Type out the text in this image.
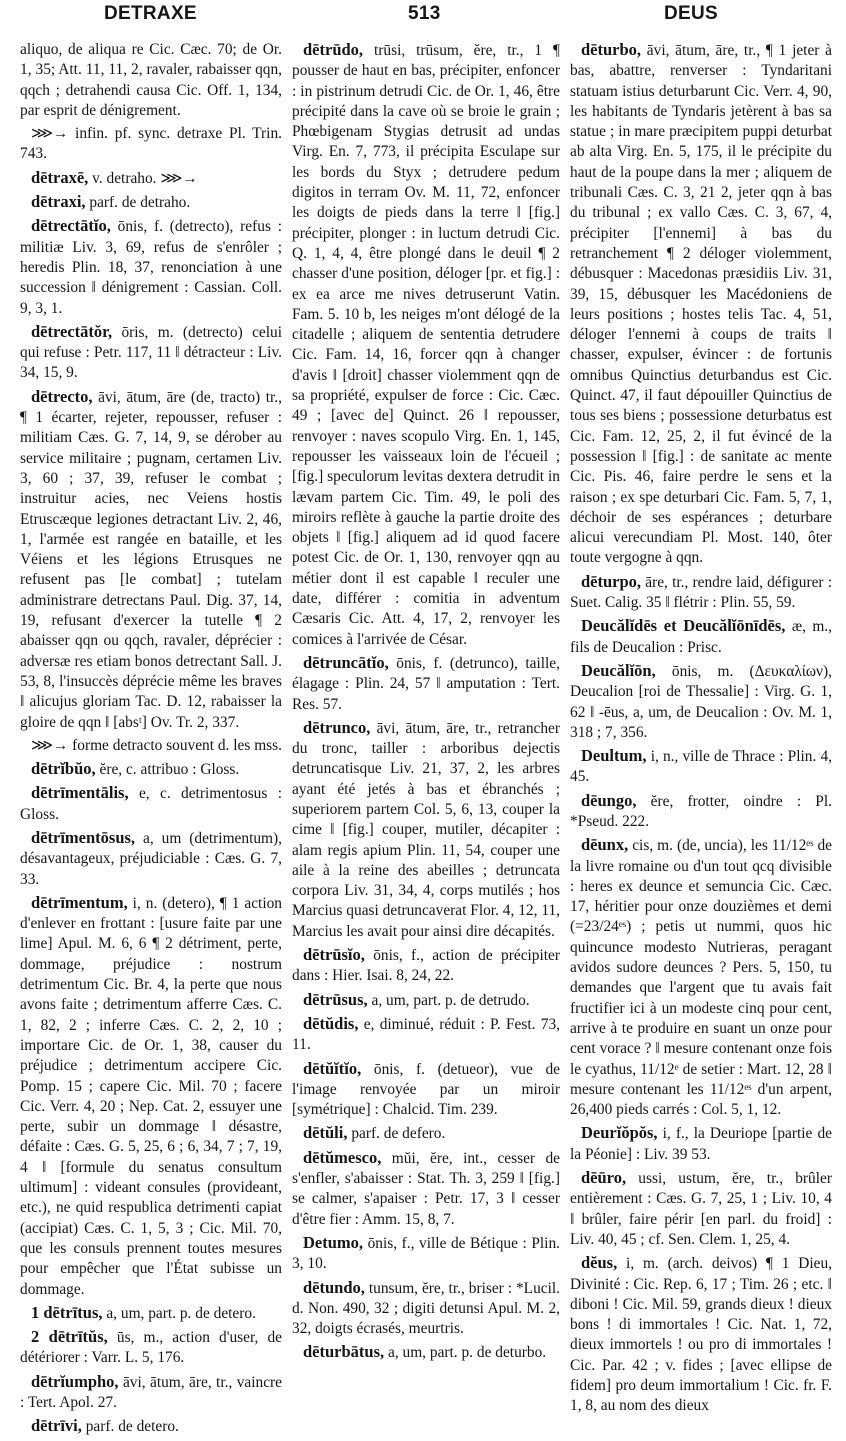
DETRAXE	513	DEUS
aliquo, de aliqua re Cic. Cæc. 70; de Or. 1, 35; Att. 11, 11, 2, ravaler, rabaisser qqn, qqch ; detrahendi causa Cic. Off. 1, 134, par esprit de dénigrement.
⋙→ infin. pf. sync. detraxe Pl. Trin. 743.
dētraxē, v. detraho. ⋙→
dētraxi, parf. de detraho.
dētrectātĭo, ōnis, f. (detrecto), refus : militiæ Liv. 3, 69, refus de s'enrôler ; heredis Plin. 18, 37, renonciation à une succession ‖ dénigrement : Cassian. Coll. 9, 3, 1.
dētrectātŏr, ōris, m. (detrecto) celui qui refuse : Petr. 117, 11 ‖ détracteur : Liv. 34, 15, 9.
dētrecto, āvi, ātum, āre (de, tracto) tr., ¶ 1 écarter, rejeter, repousser, refuser : militiam Cæs. G. 7, 14, 9, se dérober au service militaire ; pugnam, certamen Liv. 3, 60 ; 37, 39, refuser le combat ; instruitur acies, nec Veiens hostis Etruscæque legiones detractant Liv. 2, 46, 1, l'armée est rangée en bataille, et les Véiens et les légions Etrusques ne refusent pas [le combat] ; tutelam administrare detrectans Paul. Dig. 37, 14, 19, refusant d'exercer la tutelle ¶ 2 abaisser qqn ou qqch, ravaler, déprécier : adversæ res etiam bonos detrectant Sall. J. 53, 8, l'insuccès déprécie même les braves ‖ alicujus gloriam Tac. D. 12, rabaisser la gloire de qqn ‖ [absᵗ] Ov. Tr. 2, 337.
⋙→ forme detracto souvent d. les mss.
dētrĭbŭo, ĕre, c. attribuo : Gloss.
dētrīmentālis, e, c. detrimentosus : Gloss.
dētrīmentōsus, a, um (detrimentum), désavantageux, préjudiciable : Cæs. G. 7, 33.
dētrīmentum, i, n. (detero), ¶ 1 action d'enlever en frottant : [usure faite par une lime] Apul. M. 6, 6 ¶ 2 détriment, perte, dommage, préjudice : nostrum detrimentum Cic. Br. 4, la perte que nous avons faite ; detrimentum afferre Cæs. C. 1, 82, 2 ; inferre Cæs. C. 2, 2, 10 ; importare Cic. de Or. 1, 38, causer du préjudice ; detrimentum accipere Cic. Pomp. 15 ; capere Cic. Mil. 70 ; facere Cic. Verr. 4, 20 ; Nep. Cat. 2, essuyer une perte, subir un dommage ‖ désastre, défaite : Cæs. G. 5, 25, 6 ; 6, 34, 7 ; 7, 19, 4 ‖ [formule du senatus consultum ultimum] : videant consules (provideant, etc.), ne quid respublica detrimenti capiat (accipiat) Cæs. C. 1, 5, 3 ; Cic. Mil. 70, que les consuls prennent toutes mesures pour empêcher que l'État subisse un dommage.
1 dētrītus, a, um, part. p. de detero.
2 dētrītŭs, ūs, m., action d'user, de détériorer : Varr. L. 5, 176.
dētrĭumpho, āvi, ātum, āre, tr., vaincre : Tert. Apol. 27.
dētrīvi, parf. de detero.
dētrūdo, trūsi, trūsum, ĕre, tr., 1 ¶ pousser de haut en bas, précipiter, enfoncer : in pistrinum detrudi Cic. de Or. 1, 46, être précipité dans la cave où se broie le grain ; Phœbigenam Stygias detrusit ad undas Virg. En. 7, 773, il précipita Esculape sur les bords du Styx ; detrudere pedum digitos in terram Ov. M. 11, 72, enfoncer les doigts de pieds dans la terre ‖ [fig.] précipiter, plonger : in luctum detrudi Cic. Q. 1, 4, 4, être plongé dans le deuil ¶ 2 chasser d'une position, déloger [pr. et fig.] : ex ea arce me nives detruserunt Vatin. Fam. 5. 10 b, les neiges m'ont délogé de la citadelle ; aliquem de sententia detrudere Cic. Fam. 14, 16, forcer qqn à changer d'avis ‖ [droit] chasser violemment qqn de sa propriété, expulser de force : Cic. Cæc. 49 ; [avec de] Quinct. 26 ‖ repousser, renvoyer : naves scopulo Virg. En. 1, 145, repousser les vaisseaux loin de l'écueil ; [fig.] speculorum levitas dextera detrudit in lævam partem Cic. Tim. 49, le poli des miroirs reflète à gauche la partie droite des objets ‖ [fig.] aliquem ad id quod facere potest Cic. de Or. 1, 130, renvoyer qqn au métier dont il est capable ‖ reculer une date, différer : comitia in adventum Cæsaris Cic. Att. 4, 17, 2, renvoyer les comices à l'arrivée de César.
dētruncātĭo, ōnis, f. (detrunco), taille, élagage : Plin. 24, 57 ‖ amputation : Tert. Res. 57.
dētrunco, āvi, ātum, āre, tr., retrancher du tronc, tailler : arboribus dejectis detruncatisque Liv. 21, 37, 2, les arbres ayant été jetés à bas et ébranchés ; superiorem partem Col. 5, 6, 13, couper la cime ‖ [fig.] couper, mutiler, décapiter : alam regis apium Plin. 11, 54, couper une aile à la reine des abeilles ; detruncata corpora Liv. 31, 34, 4, corps mutilés ; hos Marcius quasi detruncaverat Flor. 4, 12, 11, Marcius les avait pour ainsi dire décapités.
dētrūsĭo, ōnis, f., action de précipiter dans : Hier. Isai. 8, 24, 22.
dētrūsus, a, um, part. p. de detrudo.
dētŭdis, e, diminué, réduit : P. Fest. 73, 11.
dētŭĭtĭo, ōnis, f. (detueor), vue de l'image renvoyée par un miroir [symétrique] : Chalcid. Tim. 239.
dētŭli, parf. de defero.
dētŭmesco, mŭi, ĕre, int., cesser de s'enfler, s'abaisser : Stat. Th. 3, 259 ‖ [fig.] se calmer, s'apaiser : Petr. 17, 3 ‖ cesser d'être fier : Amm. 15, 8, 7.
Detumo, ōnis, f., ville de Bétique : Plin. 3, 10.
dētundo, tunsum, ĕre, tr., briser : *Lucil. d. Non. 490, 32 ; digiti detunsi Apul. M. 2, 32, doigts écrasés, meurtris.
dēturbātus, a, um, part. p. de deturbo.
dēturbo, āvi, ātum, āre, tr., ¶ 1 jeter à bas, abattre, renverser : Tyndaritani statuam istius deturbarunt Cic. Verr. 4, 90, les habitants de Tyndaris jetèrent à bas sa statue ; in mare præcipitem puppi deturbat ab alta Virg. En. 5, 175, il le précipite du haut de la poupe dans la mer ; aliquem de tribunali Cæs. C. 3, 21 2, jeter qqn à bas du tribunal ; ex vallo Cæs. C. 3, 67, 4, précipiter [l'ennemi] à bas du retranchement ¶ 2 déloger violemment, débusquer : Macedonas præsidiis Liv. 31, 39, 15, débusquer les Macédoniens de leurs positions ; hostes telis Tac. 4, 51, déloger l'ennemi à coups de traits ‖ chasser, expulser, évincer : de fortunis omnibus Quinctius deturbandus est Cic. Quinct. 47, il faut dépouiller Quinctius de tous ses biens ; possessione deturbatus est Cic. Fam. 12, 25, 2, il fut évincé de la possession ‖ [fig.] : de sanitate ac mente Cic. Pis. 46, faire perdre le sens et la raison ; ex spe deturbari Cic. Fam. 5, 7, 1, déchoir de ses espérances ; deturbare alicui verecundiam Pl. Most. 140, ôter toute vergogne à qqn.
dēturpo, āre, tr., rendre laid, défigurer : Suet. Calig. 35 ‖ flétrir : Plin. 55, 59.
Deucălĭdēs et Deucălĭōnīdēs, æ, m., fils de Deucalion : Prisc.
Deucălĭōn, ōnis, m. (Δευκαλίων), Deucalion [roi de Thessalie] : Virg. G. 1, 62 ‖ -ēus, a, um, de Deucalion : Ov. M. 1, 318 ; 7, 356.
Deultum, i, n., ville de Thrace : Plin. 4, 45.
dēungo, ĕre, frotter, oindre : Pl. *Pseud. 222.
dēunx, cis, m. (de, uncia), les 11/12ᵉˢ de la livre romaine ou d'un tout qcq divisible : heres ex deunce et semuncia Cic. Cæc. 17, héritier pour onze douzièmes et demi (=23/24ᵉˢ) ; petis ut nummi, quos hic quincunce modesto Nutrieras, peragant avidos sudore deunces ? Pers. 5, 150, tu demandes que l'argent que tu avais fait fructifier ici à un modeste cinq pour cent, arrive à te produire en suant un onze pour cent vorace ? ‖ mesure contenant onze fois le cyathus, 11/12ᵉ de setier : Mart. 12, 28 ‖ mesure contenant les 11/12ᵉˢ d'un arpent, 26,400 pieds carrés : Col. 5, 1, 12.
Deurĭŏpŏs, i, f., la Deuriope [partie de la Péonie] : Liv. 39 53.
dēūro, ussi, ustum, ĕre, tr., brûler entièrement : Cæs. G. 7, 25, 1 ; Liv. 10, 4 ‖ brûler, faire périr [en parl. du froid] : Liv. 40, 45 ; cf. Sen. Clem. 1, 25, 4.
dĕus, i, m. (arch. deivos) ¶ 1 Dieu, Divinité : Cic. Rep. 6, 17 ; Tim. 26 ; etc. ‖ diboni ! Cic. Mil. 59, grands dieux ! dieux bons ! di immortales ! Cic. Nat. 1, 72, dieux immortels ! ou pro di immortales ! Cic. Par. 42 ; v. fides ; [avec ellipse de fidem] pro deum immortalium ! Cic. fr. F. 1, 8, au nom des dieux
